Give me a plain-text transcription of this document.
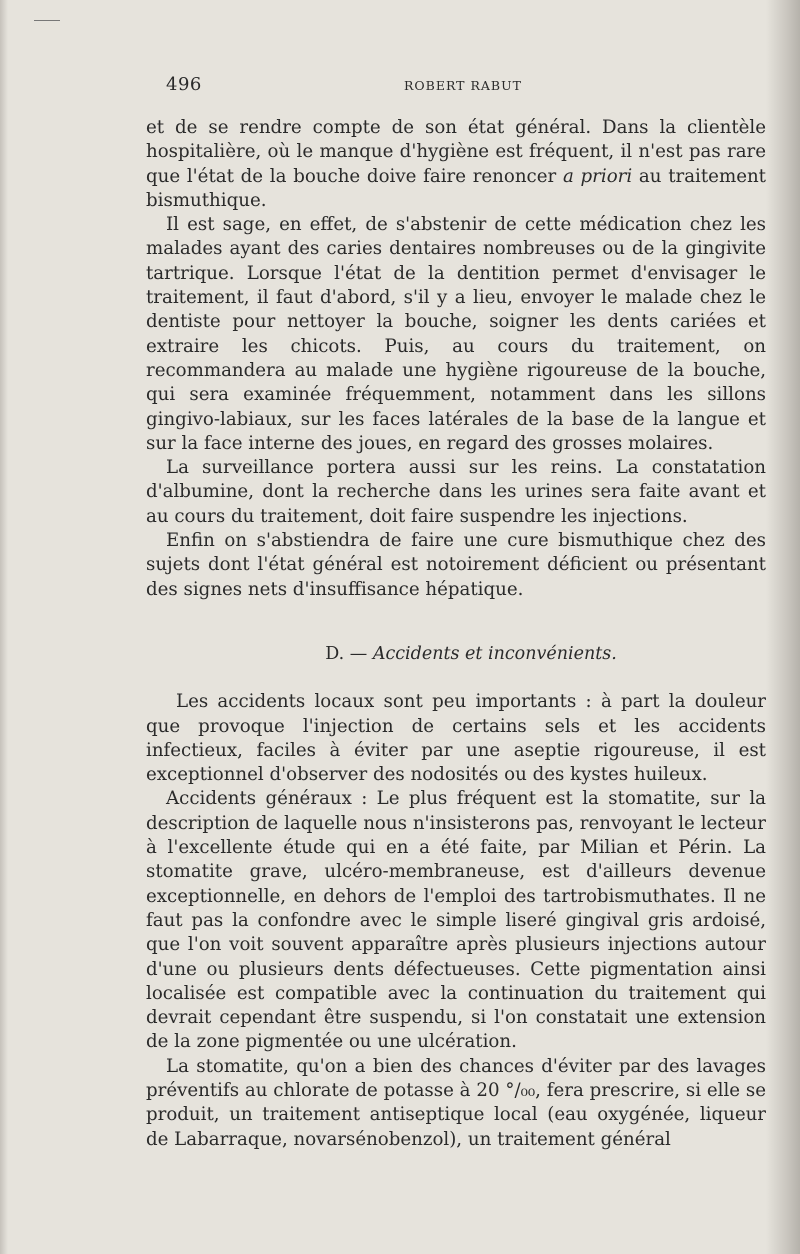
496	ROBERT RABUT

et de se rendre compte de son état général. Dans la clientèle hospitalière, où le manque d'hygiène est fréquent, il n'est pas rare que l'état de la bouche doive faire renoncer a priori au traitement bismuthique.

Il est sage, en effet, de s'abstenir de cette médication chez les malades ayant des caries dentaires nombreuses ou de la gingivite tartrique. Lorsque l'état de la dentition permet d'envisager le traitement, il faut d'abord, s'il y a lieu, envoyer le malade chez le dentiste pour nettoyer la bouche, soigner les dents cariées et extraire les chicots. Puis, au cours du traitement, on recommandera au malade une hygiène rigoureuse de la bouche, qui sera examinée fréquemment, notamment dans les sillons gingivo-labiaux, sur les faces latérales de la base de la langue et sur la face interne des joues, en regard des grosses molaires.

La surveillance portera aussi sur les reins. La constatation d'albumine, dont la recherche dans les urines sera faite avant et au cours du traitement, doit faire suspendre les injections.

Enfin on s'abstiendra de faire une cure bismuthique chez des sujets dont l'état général est notoirement déficient ou présentant des signes nets d'insuffisance hépatique.

D. — Accidents et inconvénients.

Les accidents locaux sont peu importants : à part la douleur que provoque l'injection de certains sels et les accidents infectieux, faciles à éviter par une aseptie rigoureuse, il est exceptionnel d'observer des nodosités ou des kystes huileux.

Accidents généraux : Le plus fréquent est la stomatite, sur la description de laquelle nous n'insisterons pas, renvoyant le lecteur à l'excellente étude qui en a été faite, par Milian et Périn. La stomatite grave, ulcéro-membraneuse, est d'ailleurs devenue exceptionnelle, en dehors de l'emploi des tartrobismuthates. Il ne faut pas la confondre avec le simple liseré gingival gris ardoisé, que l'on voit souvent apparaître après plusieurs injections autour d'une ou plusieurs dents défectueuses. Cette pigmentation ainsi localisée est compatible avec la continuation du traitement qui devrait cependant être suspendu, si l'on constatait une extension de la zone pigmentée ou une ulcération.

La stomatite, qu'on a bien des chances d'éviter par des lavages préventifs au chlorate de potasse à 20 °/₀₀, fera prescrire, si elle se produit, un traitement antiseptique local (eau oxygénée, liqueur de Labarraque, novarsénobenzol), un traitement général
